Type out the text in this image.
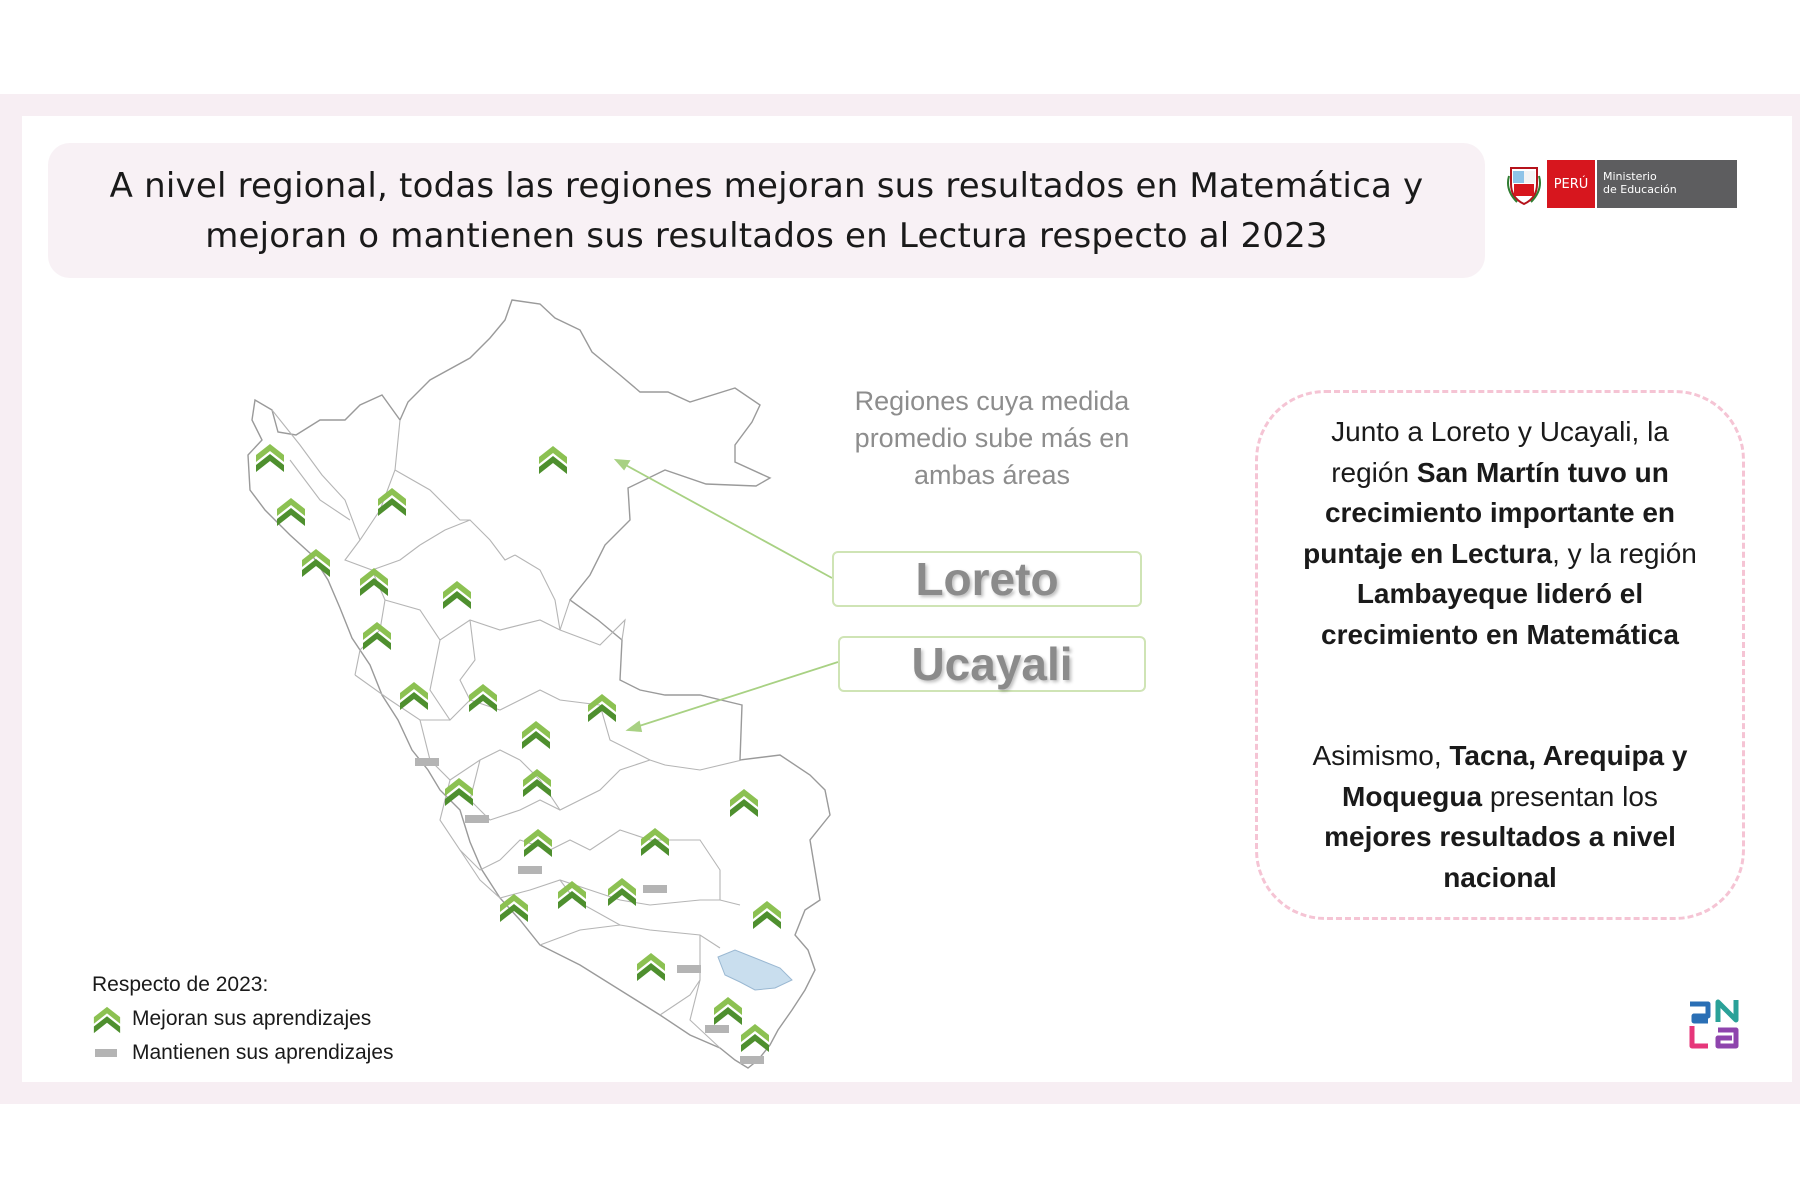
A nivel regional, todas las regiones mejoran sus resultados en Matemática y
mejoran o mantienen sus resultados en Lectura respecto al 2023
PERÚ	Ministerio
de Educación
Regiones cuya medida
promedio sube más en
ambas áreas
Loreto
Ucayali
Junto a Loreto y Ucayali, la
región San Martín tuvo un
crecimiento importante en
puntaje en Lectura, y la región
Lambayeque lideró el
crecimiento en Matemática
Asimismo, Tacna, Arequipa y
Moquegua presentan los
mejores resultados a nivel
nacional
Respecto de 2023:
Mejoran sus aprendizajes
Mantienen sus aprendizajes
